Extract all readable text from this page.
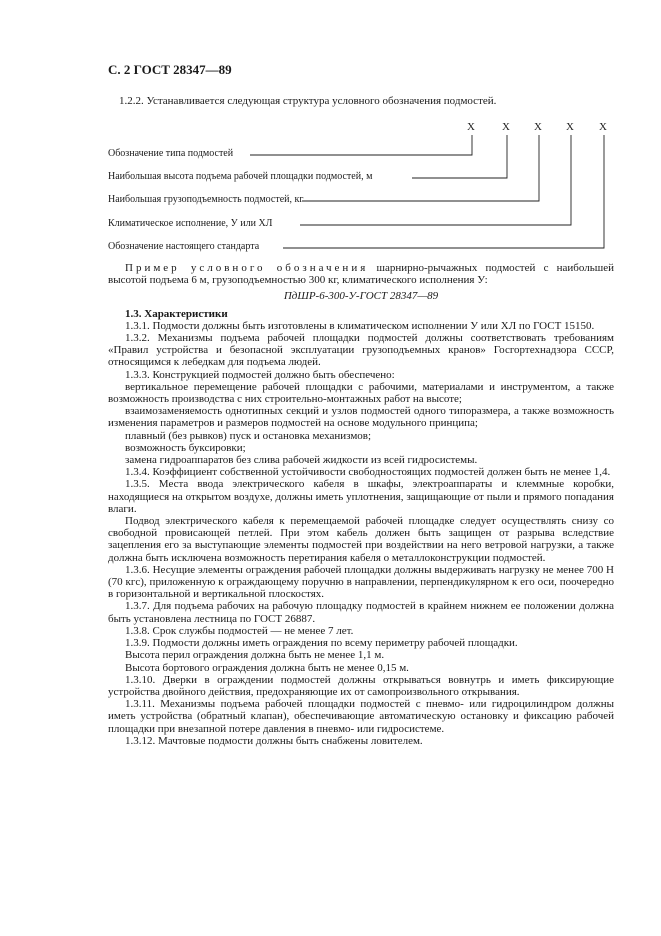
С. 2 ГОСТ 28347—89
1.2.2. Устанавливается следующая структура условного обозначения подмостей.
X X X X X
Обозначение типа подмостей
Наибольшая высота подъема рабочей площадки подмостей, м
Наибольшая грузоподъемность подмостей, кг
Климатическое исполнение, У или ХЛ
Обозначение настоящего стандарта

Пример условного обозначения шарнирно-рычажных подмостей с наибольшей высотой подъема 6 м, грузоподъемностью 300 кг, климатического исполнения У:

ПдШР-6-300-У-ГОСТ 28347—89

1.3. Характеристики

1.3.1. Подмости должны быть изготовлены в климатическом исполнении У или ХЛ по ГОСТ 15150.

1.3.2. Механизмы подъема рабочей площадки подмостей должны соответствовать требованиям «Правил устройства и безопасной эксплуатации грузоподъемных кранов» Госгортехнадзора СССР, относящимся к лебедкам для подъема людей.

1.3.3. Конструкцией подмостей должно быть обеспечено:

вертикальное перемещение рабочей площадки с рабочими, материалами и инструментом, а также возможность производства с них строительно-монтажных работ на высоте;

взаимозаменяемость однотипных секций и узлов подмостей одного типоразмера, а также возможность изменения параметров и размеров подмостей на основе модульного принципа;

плавный (без рывков) пуск и остановка механизмов;

возможность буксировки;

замена гидроаппаратов без слива рабочей жидкости из всей гидросистемы.

1.3.4. Коэффициент собственной устойчивости свободностоящих подмостей должен быть не менее 1,4.

1.3.5. Места ввода электрического кабеля в шкафы, электроаппараты и клеммные коробки, находящиеся на открытом воздухе, должны иметь уплотнения, защищающие от пыли и прямого попадания влаги.

Подвод электрического кабеля к перемещаемой рабочей площадке следует осуществлять снизу со свободной провисающей петлей. При этом кабель должен быть защищен от разрыва вследствие зацепления его за выступающие элементы подмостей при воздействии на него ветровой нагрузки, а также должна быть исключена возможность перетирания кабеля о металлоконструкции подмостей.

1.3.6. Несущие элементы ограждения рабочей площадки должны выдерживать нагрузку не менее 700 Н (70 кгс), приложенную к ограждающему поручню в направлении, перпендикулярном к его оси, поочередно в горизонтальной и вертикальной плоскостях.

1.3.7. Для подъема рабочих на рабочую площадку подмостей в крайнем нижнем ее положении должна быть установлена лестница по ГОСТ 26887.

1.3.8. Срок службы подмостей — не менее 7 лет.

1.3.9. Подмости должны иметь ограждения по всему периметру рабочей площадки.

Высота перил ограждения должна быть не менее 1,1 м.

Высота бортового ограждения должна быть не менее 0,15 м.

1.3.10. Дверки в ограждении подмостей должны открываться вовнутрь и иметь фиксирующие устройства двойного действия, предохраняющие их от самопроизвольного открывания.

1.3.11. Механизмы подъема рабочей площадки подмостей с пневмо- или гидроцилиндром должны иметь устройства (обратный клапан), обеспечивающие автоматическую остановку и фиксацию рабочей площадки при внезапной потере давления в пневмо- или гидросистеме.

1.3.12. Мачтовые подмости должны быть снабжены ловителем.
